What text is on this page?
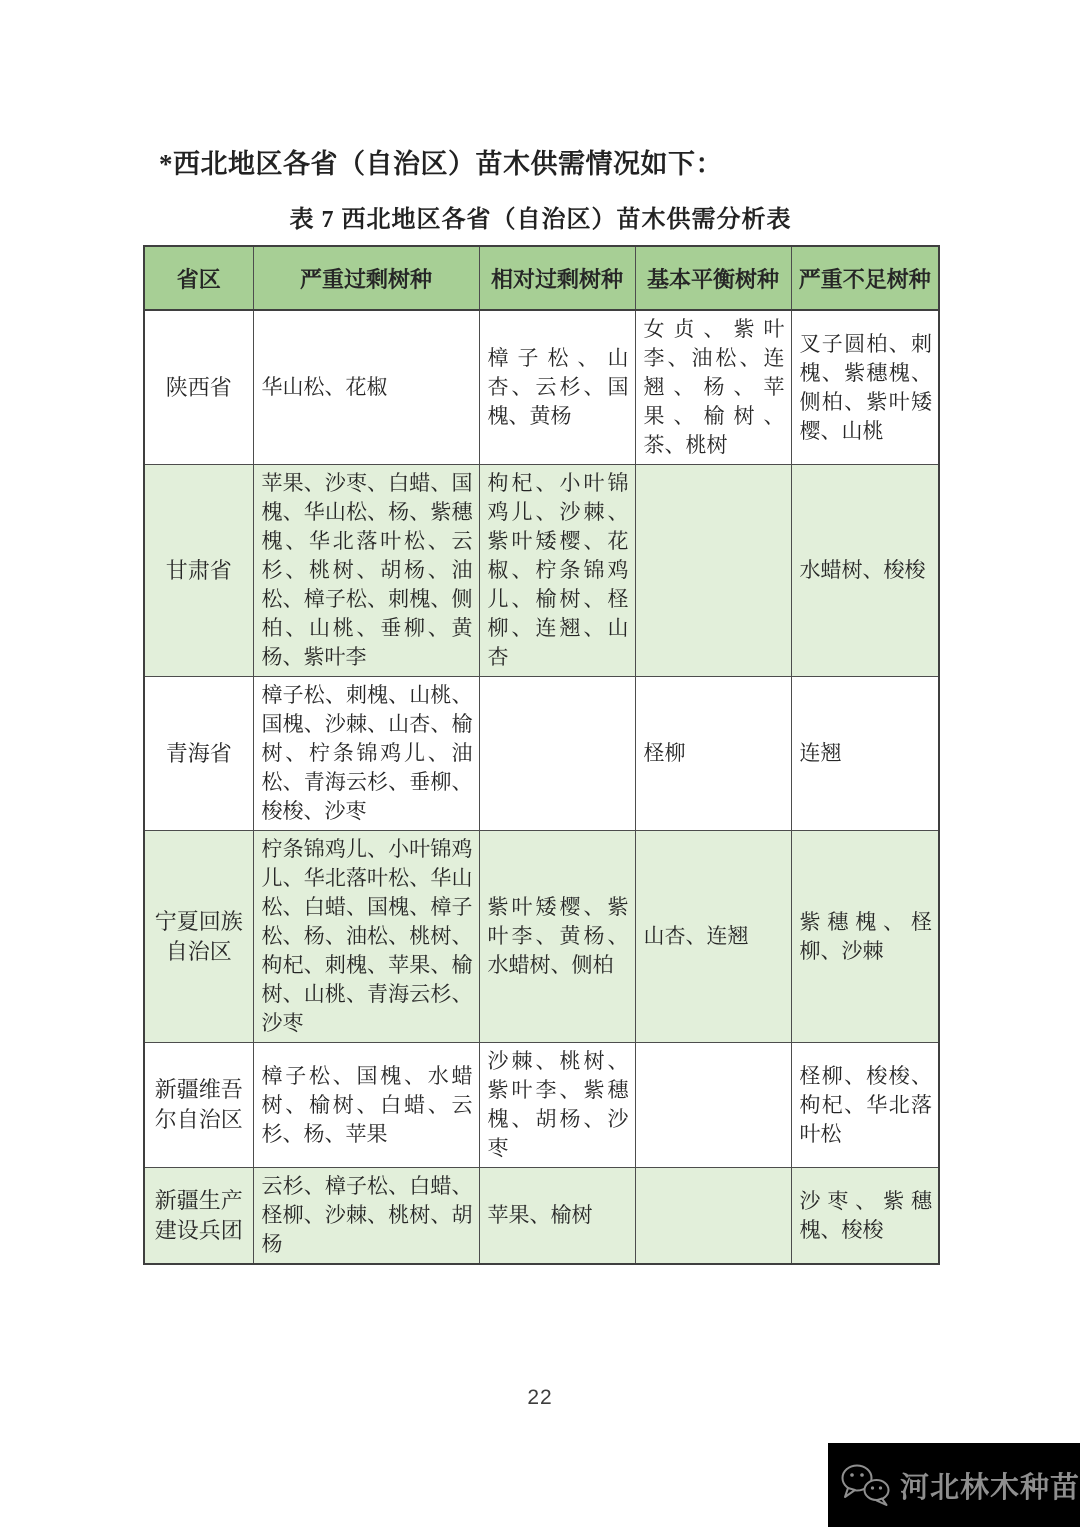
*西北地区各省（自治区）苗木供需情况如下：

表 7 西北地区各省（自治区）苗木供需分析表

省区	严重过剩树种	相对过剩树种	基本平衡树种	严重不足树种
陕西省	华山松、花椒	樟子松、山杏、云杉、国槐、黄杨	女贞、紫叶李、油松、连翘、杨、苹果、榆树、茶、桃树	叉子圆柏、刺槐、紫穗槐、侧柏、紫叶矮樱、山桃
甘肃省	苹果、沙枣、白蜡、国槐、华山松、杨、紫穗槐、华北落叶松、云杉、桃树、胡杨、油松、樟子松、刺槐、侧柏、山桃、垂柳、黄杨、紫叶李	枸杞、小叶锦鸡儿、沙棘、紫叶矮樱、花椒、柠条锦鸡儿、榆树、柽柳、连翘、山杏		水蜡树、梭梭
青海省	樟子松、刺槐、山桃、国槐、沙棘、山杏、榆树、柠条锦鸡儿、油松、青海云杉、垂柳、梭梭、沙枣		柽柳	连翘
宁夏回族自治区	柠条锦鸡儿、小叶锦鸡儿、华北落叶松、华山松、白蜡、国槐、樟子松、杨、油松、桃树、枸杞、刺槐、苹果、榆树、山桃、青海云杉、沙枣	紫叶矮樱、紫叶李、黄杨、水蜡树、侧柏	山杏、连翘	紫穗槐、柽柳、沙棘
新疆维吾尔自治区	樟子松、国槐、水蜡树、榆树、白蜡、云杉、杨、苹果	沙棘、桃树、紫叶李、紫穗槐、胡杨、沙枣		柽柳、梭梭、枸杞、华北落叶松
新疆生产建设兵团	云杉、樟子松、白蜡、柽柳、沙棘、桃树、胡杨	苹果、榆树		沙枣、紫穗槐、梭梭
22
河北林木种苗
